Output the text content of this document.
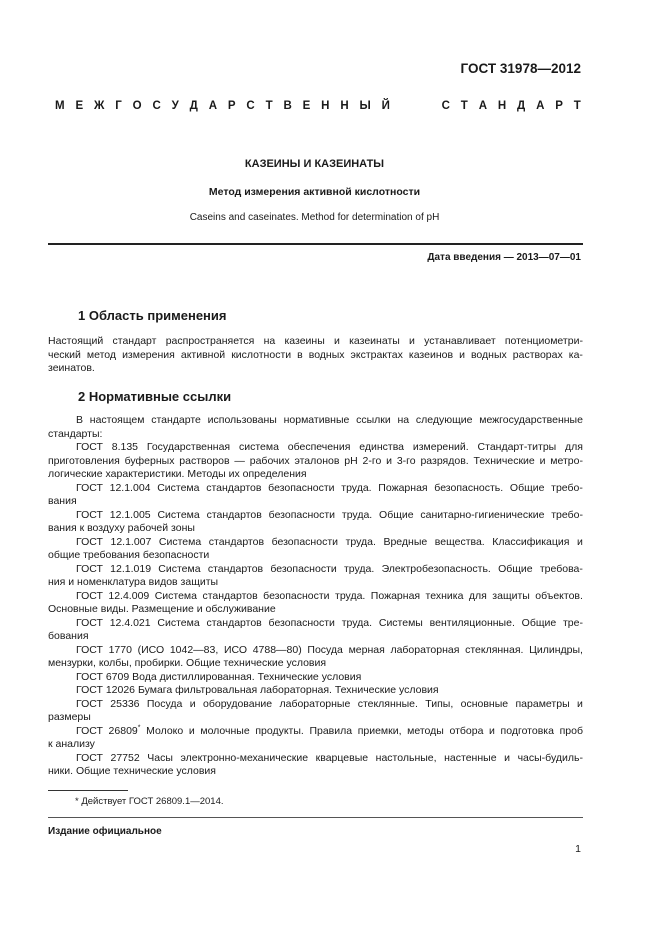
ГОСТ 31978—2012
М Е Ж Г О С У Д А Р С Т В Е Н Н Ы Й	С Т А Н Д А Р Т
КАЗЕИНЫ И КАЗЕИНАТЫ
Метод измерения активной кислотности
Caseins and caseinates. Method for determination of pH
Дата введения — 2013—07—01
1 Область применения
Настоящий стандарт распространяется на казеины и казеинаты и устанавливает потенциометри-
ческий метод измерения активной кислотности в водных экстрактах казеинов и водных растворах ка-
зеинатов.
2 Нормативные ссылки
В настоящем стандарте использованы нормативные ссылки на следующие межгосударственные
стандарты:
ГОСТ 8.135 Государственная система обеспечения единства измерений. Стандарт-титры для
приготовления буферных растворов — рабочих эталонов pH 2-го и 3-го разрядов. Технические и метро-
логические характеристики. Методы их определения
ГОСТ 12.1.004 Система стандартов безопасности труда. Пожарная безопасность. Общие требо-
вания
ГОСТ 12.1.005 Система стандартов безопасности труда. Общие санитарно-гигиенические требо-
вания к воздуху рабочей зоны
ГОСТ 12.1.007 Система стандартов безопасности труда. Вредные вещества. Классификация и
общие требования безопасности
ГОСТ 12.1.019 Система стандартов безопасности труда. Электробезопасность. Общие требова-
ния и номенклатура видов защиты
ГОСТ 12.4.009 Система стандартов безопасности труда. Пожарная техника для защиты объектов.
Основные виды. Размещение и обслуживание
ГОСТ 12.4.021 Система стандартов безопасности труда. Системы вентиляционные. Общие тре-
бования
ГОСТ 1770 (ИСО 1042—83, ИСО 4788—80) Посуда мерная лабораторная стеклянная. Цилиндры,
мензурки, колбы, пробирки. Общие технические условия
ГОСТ 6709 Вода дистиллированная. Технические условия
ГОСТ 12026 Бумага фильтровальная лабораторная. Технические условия
ГОСТ 25336 Посуда и оборудование лабораторные стеклянные. Типы, основные параметры и
размеры
ГОСТ 26809* Молоко и молочные продукты. Правила приемки, методы отбора и подготовка проб
к анализу
ГОСТ 27752 Часы электронно-механические кварцевые настольные, настенные и часы-будиль-
ники. Общие технические условия
* Действует ГОСТ 26809.1—2014.
Издание официальное
1
